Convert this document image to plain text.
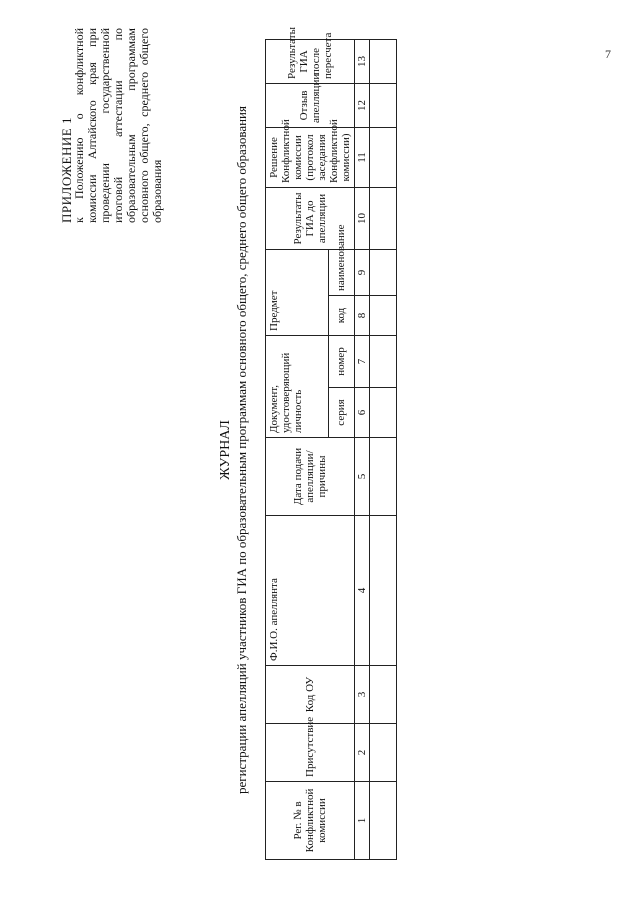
7
ПРИЛОЖЕНИЕ 1
к Положению о конфликтной комиссии Алтайского края при проведении государственной итоговой аттестации по образовательным программам основного общего, среднего общего образования
ЖУРНАЛ регистрации апелляций участников ГИА по образовательным программам основного общего, среднего общего образования
Рег. № в Конфликтной комиссии	Присутствие	Код ОУ	Ф.И.О. апеллянта	Дата подачи апелляции/причины	Документ, удостоверяющий личность		Предмет		Результаты ГИА до апелляции	Решение Конфликтной комиссии (протокол заседания Конфликтной комиссии)	Отзыв апелляции	Результаты ГИА после пересчета
					серия	номер	код	наименование				
1	2	3	4	5	6	7	8	9	10	11	12	13
